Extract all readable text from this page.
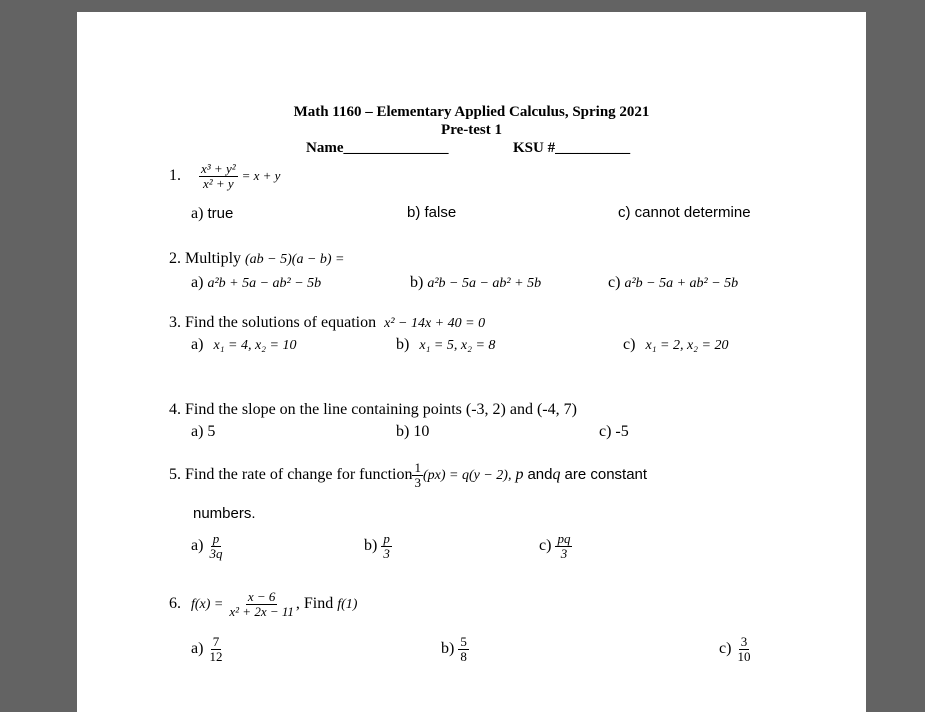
Math 1160 – Elementary Applied Calculus, Spring 2021
Pre-test 1
Name______________	KSU #__________
1. $\frac{\text{x³ + y²}}{\text{x² + y}} = x + y$
a) true	b) false	c) cannot determine
2. Multiply (ab − 5)(a − b) =
a) a²b + 5a − ab² − 5b	b) a²b − 5a − ab² + 5b	c) a²b − 5a + ab² − 5b
3. Find the solutions of equation x² − 14x + 40 = 0
a) x₁ = 4, x₂ = 10	b) x₁ = 5, x₂ = 8	c) x₁ = 2, x₂ = 20
4. Find the slope on the line containing points (-3, 2) and (-4, 7)
a) 5	b) 10	c) -5
5. Find the rate of change for function $\frac{1}{3} (px) = q(y - 2)$, p andq are constant
numbers.
$a) \frac{p}{3q}$	$b) \frac{p}{3}$	$c) \frac{pq}{3}$
6. $f(x) = \frac{x - 6}{\text{x² + 2x − 11}}$ , Find f(1)
$a) \frac{7}{12}$	$b) \frac{5}{8}$	$c) \frac{3}{10}$
